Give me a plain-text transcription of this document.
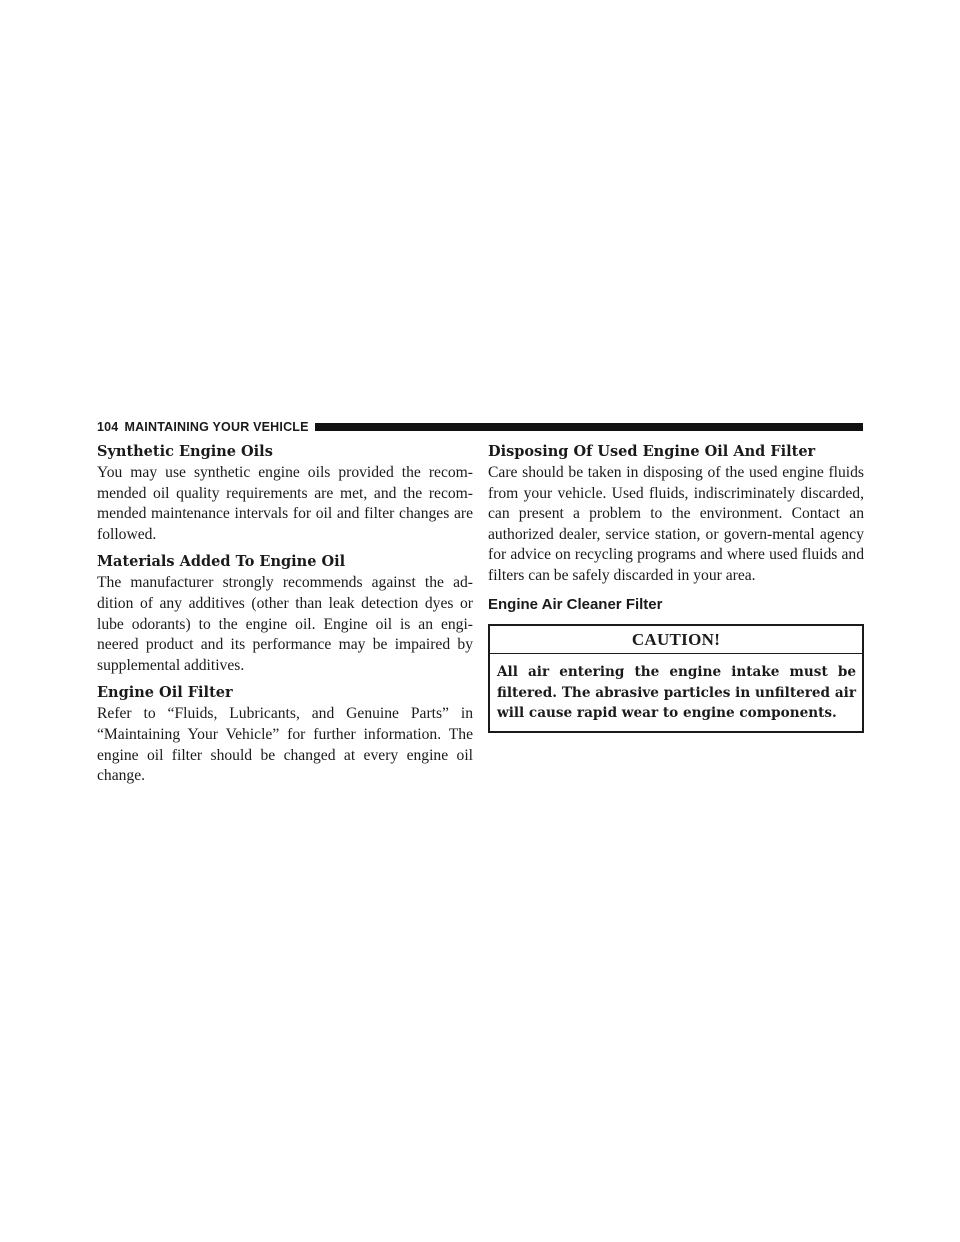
104 MAINTAINING YOUR VEHICLE
Synthetic Engine Oils

You may use synthetic engine oils provided the recom-mended oil quality requirements are met, and the recom-mended maintenance intervals for oil and filter changes are followed.

Materials Added To Engine Oil

The manufacturer strongly recommends against the ad-dition of any additives (other than leak detection dyes or lube odorants) to the engine oil. Engine oil is an engi-neered product and its performance may be impaired by supplemental additives.

Engine Oil Filter

Refer to “Fluids, Lubricants, and Genuine Parts” in “Maintaining Your Vehicle” for further information. The engine oil filter should be changed at every engine oil change.

Disposing Of Used Engine Oil And Filter

Care should be taken in disposing of the used engine fluids from your vehicle. Used fluids, indiscriminately discarded, can present a problem to the environment. Contact an authorized dealer, service station, or govern-mental agency for advice on recycling programs and where used fluids and filters can be safely discarded in your area.

Engine Air Cleaner Filter
CAUTION!
All air entering the engine intake must be filtered. The abrasive particles in unfiltered air will cause rapid wear to engine components.
